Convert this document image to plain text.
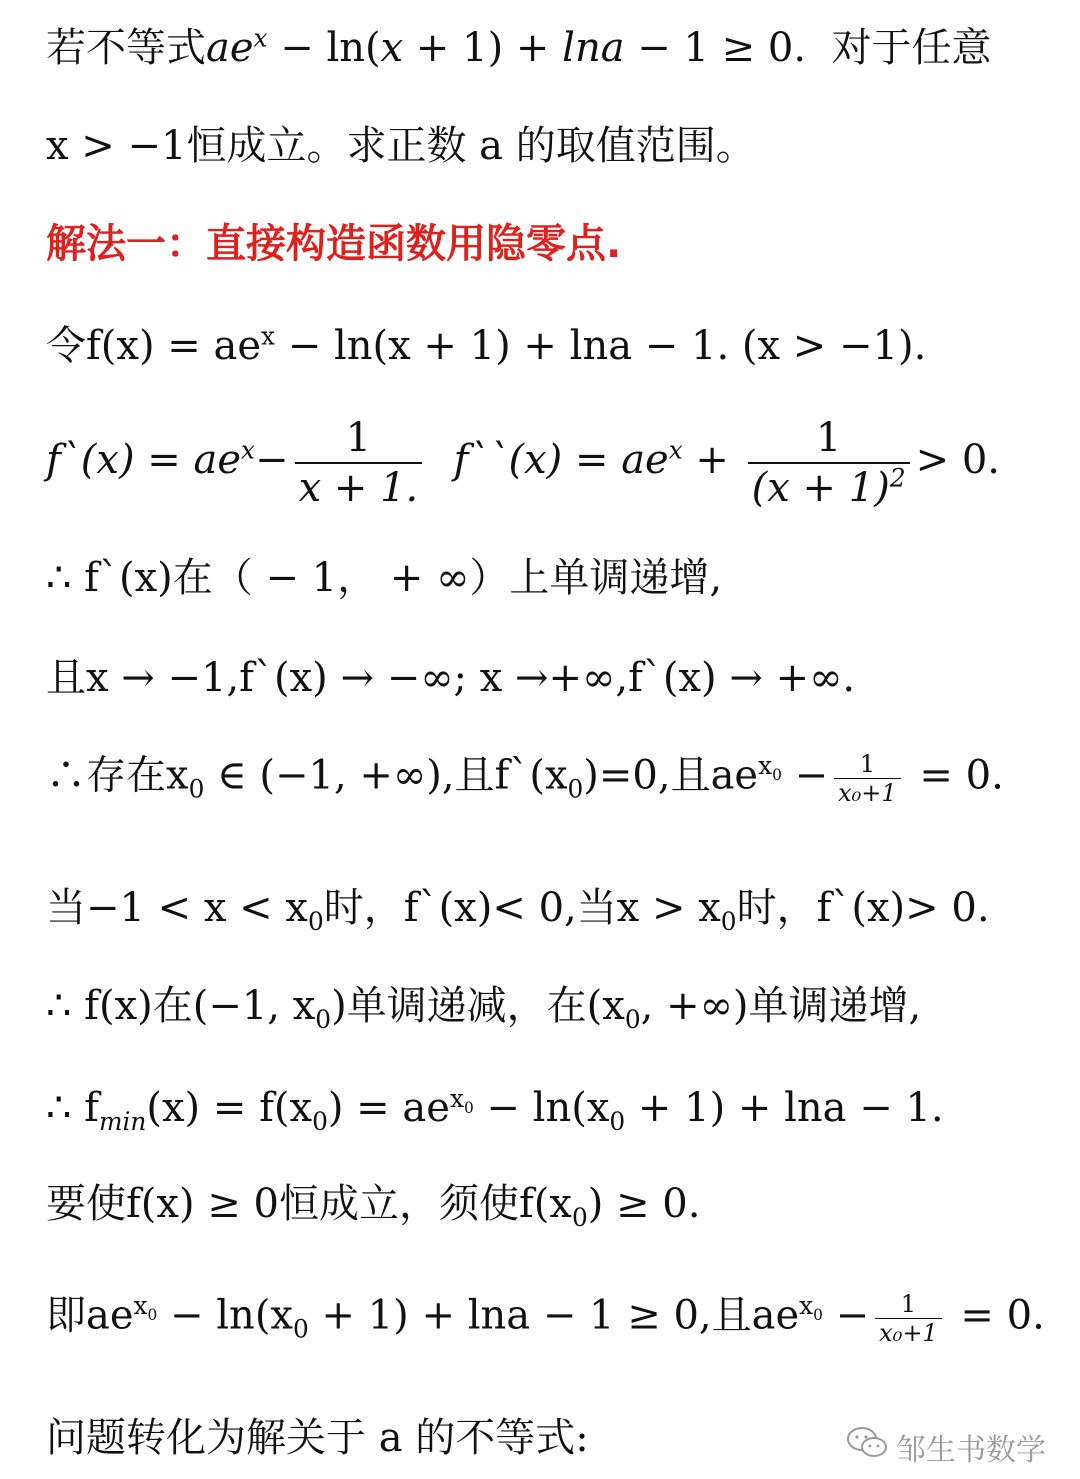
若不等式$ae^x - \ln(x + 1) + \ln a - 1 \ge 0$.  对于任意
x > −1恒成立。求正数 a 的取值范围。
解法一：直接构造函数用隐零点.
令$f(x) = ae^x - \ln(x + 1) + \ln a - 1$. (x > −1).
f`(x) = $ae^x- \frac{1}{x + 1.}$ f``(x) = $ae^x + \frac{1}{(x + 1)^2} > 0$.
∴ f`(x)在（ − 1， + ∞）上单调递增,
且x → −1,f`(x) → −∞; x →+∞,f`(x) → +∞.
∴存在$x_0$ ∈ (−1, +∞),且$f`(x_0)=0$,且$ae^{x_0} - \frac{1}{\text{x₀+1}} = 0$.
当$-1 < x < x_0$时，f`(x)< 0,当$x > x_0$时，f`(x)> 0.
∴ f(x)在(−1, $x_0$)单调递减，在($x_0$, +∞)单调递增,
∴ $f_{min}(x) = f(x_0) = ae^{x_0} - \ln(x_0 + 1) + \ln a - 1$.
要使f(x) ≥ 0恒成立，须使$f(x_0) \ge 0$.
即$ae^{x_0} - \ln(x_0 + 1) + \ln a - 1 \ge 0$,且$ae^{x_0} - \frac{1}{\text{x₀+1}} = 0$.
问题转化为解关于 a 的不等式:	邹生书数学
